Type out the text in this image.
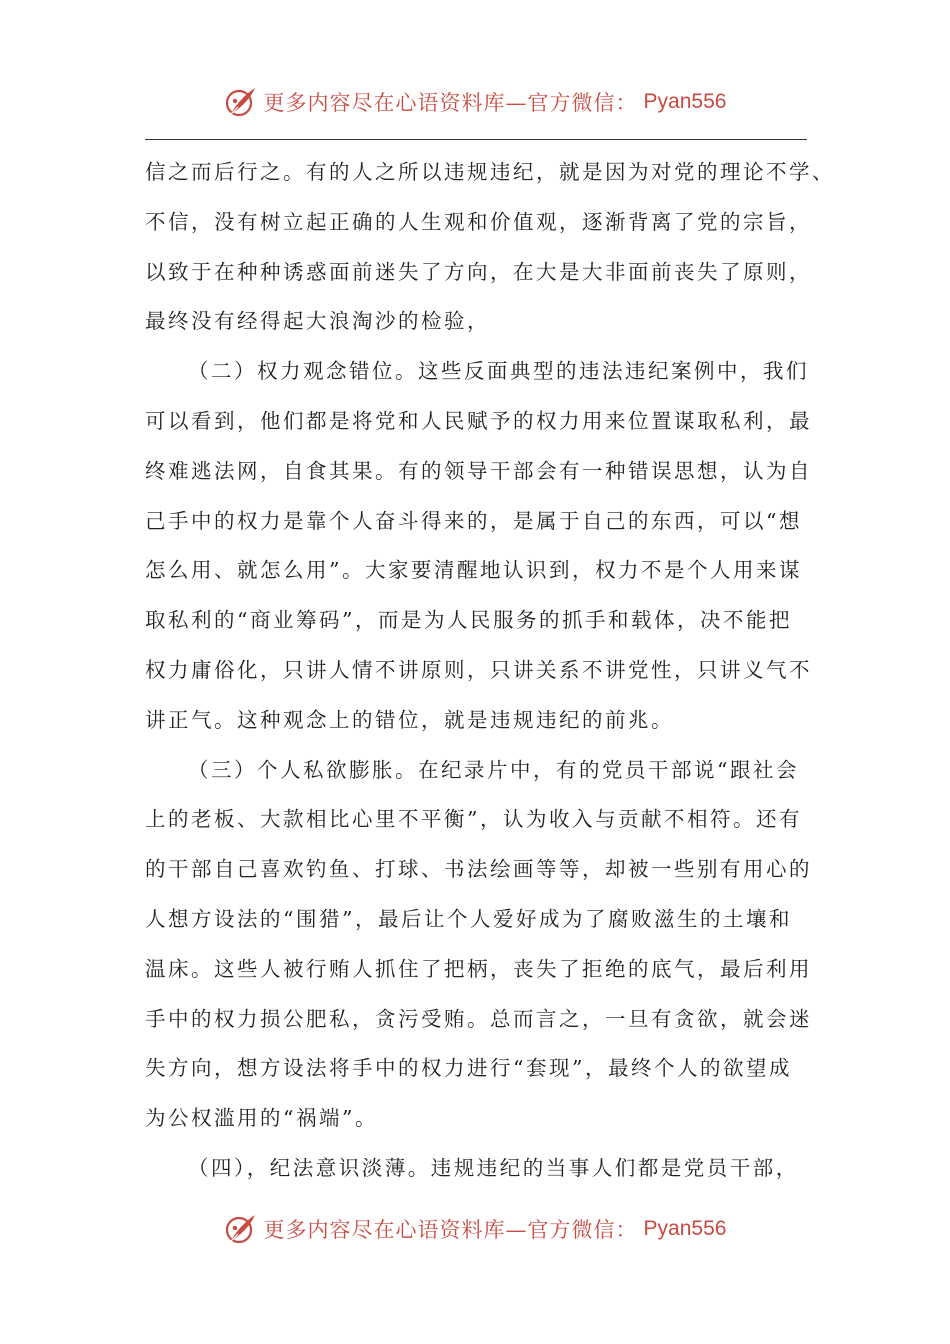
更多内容尽在心语资料库—官方微信： Pyan556
信之而后行之。有的人之所以违规违纪，就是因为对党的理论不学、
不信，没有树立起正确的人生观和价值观，逐渐背离了党的宗旨，
以致于在种种诱惑面前迷失了方向，在大是大非面前丧失了原则，
最终没有经得起大浪淘沙的检验，
（二）权力观念错位。这些反面典型的违法违纪案例中，我们
可以看到，他们都是将党和人民赋予的权力用来位置谋取私利，最
终难逃法网，自食其果。有的领导干部会有一种错误思想，认为自
己手中的权力是靠个人奋斗得来的，是属于自己的东西，可以“想
怎么用、就怎么用”。大家要清醒地认识到，权力不是个人用来谋
取私利的“商业筹码”，而是为人民服务的抓手和载体，决不能把
权力庸俗化，只讲人情不讲原则，只讲关系不讲党性，只讲义气不
讲正气。这种观念上的错位，就是违规违纪的前兆。
（三）个人私欲膨胀。在纪录片中，有的党员干部说“跟社会
上的老板、大款相比心里不平衡”，认为收入与贡献不相符。还有
的干部自己喜欢钓鱼、打球、书法绘画等等，却被一些别有用心的
人想方设法的“围猎”，最后让个人爱好成为了腐败滋生的土壤和
温床。这些人被行贿人抓住了把柄，丧失了拒绝的底气，最后利用
手中的权力损公肥私，贪污受贿。总而言之，一旦有贪欲，就会迷
失方向，想方设法将手中的权力进行“套现”，最终个人的欲望成
为公权滥用的“祸端”。
（四），纪法意识淡薄。违规违纪的当事人们都是党员干部，
更多内容尽在心语资料库—官方微信： Pyan556
